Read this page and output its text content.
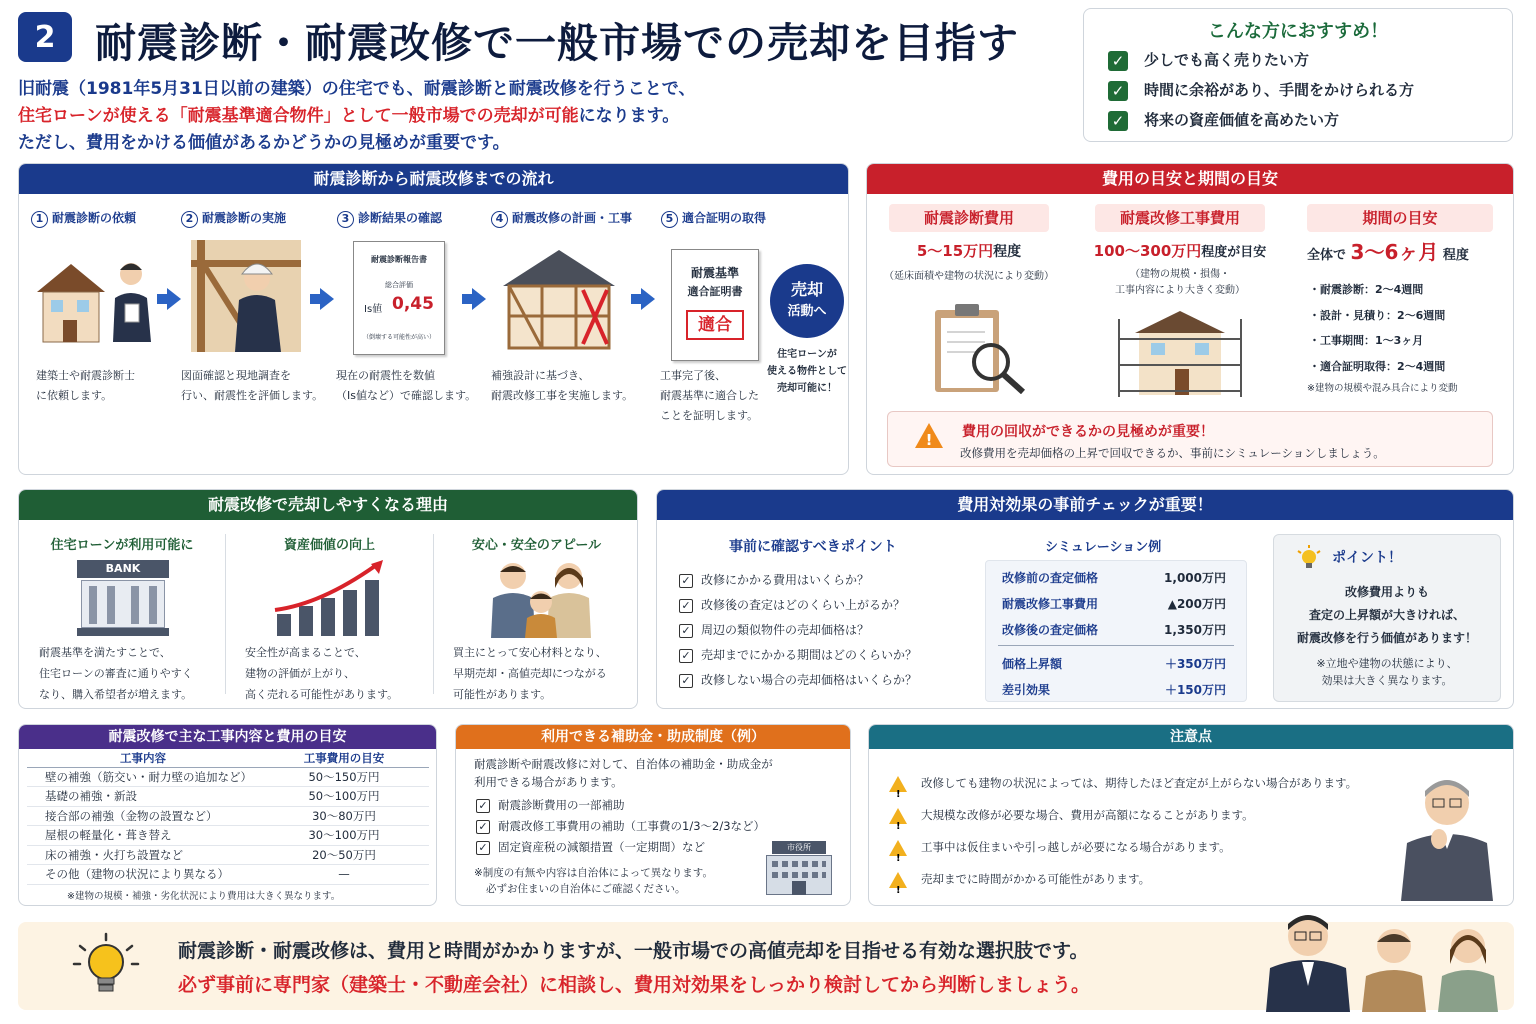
2 耐震診断・耐震改修で一般市場での売却を目指す
旧耐震（1981年5月31日以前の建築）の住宅でも、耐震診断と耐震改修を行うことで、
住宅ローンが使える「耐震基準適合物件」として一般市場での売却が可能になります。
ただし、費用をかける価値があるかどうかの見極めが重要です。
こんな方におすすめ！
✓ 少しでも高く売りたい方
✓ 時間に余裕があり、手間をかけられる方
✓ 将来の資産価値を高めたい方
耐震診断から耐震改修までの流れ
1 耐震診断の依頼	2 耐震診断の実施	3 診断結果の確認	4 耐震改修の計画・工事	5 適合証明の取得
耐震診断報告書
総合評価
Is値 0,45
（倒壊する可能性が高い）
耐震基準
適合証明書
適合
売却
活動へ
住宅ローンが
使える物件として
売却可能に！
建築士や耐震診断士
に依頼します。
図面確認と現地調査を
行い、耐震性を評価します。
現在の耐震性を数値
（Is値など）で確認します。
補強設計に基づき、
耐震改修工事を実施します。
工事完了後、
耐震基準に適合した
ことを証明します。
費用の目安と期間の目安
耐震診断費用
5〜15万円程度
（延床面積や建物の状況により変動）
耐震改修工事費用
100〜300万円程度が目安
（建物の規模・損傷・
工事内容により大きく変動）
期間の目安
全体で 3〜6ヶ月 程度
・耐震診断：2〜4週間
・設計・見積り：2〜6週間
・工事期間：1〜3ヶ月
・適合証明取得：2〜4週間
※建物の規模や混み具合により変動
! 費用の回収ができるかの見極めが重要！
改修費用を売却価格の上昇で回収できるか、事前にシミュレーションしましょう。
耐震改修で売却しやすくなる理由
住宅ローンが利用可能に	資産価値の向上	安心・安全のアピール
BANK
耐震基準を満たすことで、
住宅ローンの審査に通りやすく
なり、購入希望者が増えます。
安全性が高まることで、
建物の評価が上がり、
高く売れる可能性があります。
買主にとって安心材料となり、
早期売却・高値売却につながる
可能性があります。
費用対効果の事前チェックが重要！
事前に確認すべきポイント
✓ 改修にかかる費用はいくらか？
✓ 改修後の査定はどのくらい上がるか？
✓ 周辺の類似物件の売却価格は？
✓ 売却までにかかる期間はどのくらいか？
✓ 改修しない場合の売却価格はいくらか？
シミュレーション例
改修前の査定価格	1,000万円
耐震改修工事費用	▲200万円
改修後の査定価格	1,350万円
価格上昇額	＋350万円
差引効果	＋150万円
ポイント！
改修費用よりも
査定の上昇額が大きければ、
耐震改修を行う価値があります！
※立地や建物の状態により、
効果は大きく異なります。
耐震改修で主な工事内容と費用の目安
工事内容	工事費用の目安
壁の補強（筋交い・耐力壁の追加など）	50〜150万円
基礎の補強・新設	50〜100万円
接合部の補強（金物の設置など）	30〜80万円
屋根の軽量化・葺き替え	30〜100万円
床の補強・火打ち設置など	20〜50万円
その他（建物の状況により異なる）	—
※建物の規模・補強・劣化状況により費用は大きく異なります。
利用できる補助金・助成制度（例）
耐震診断や耐震改修に対して、自治体の補助金・助成金が
利用できる場合があります。
✓ 耐震診断費用の一部補助
✓ 耐震改修工事費用の補助（工事費の1/3〜2/3など）
✓ 固定資産税の減額措置（一定期間）など
※制度の有無や内容は自治体によって異なります。
必ずお住まいの自治体にご確認ください。
市役所
注意点
!改修しても建物の状況によっては、期待したほど査定が上がらない場合があります。
!大規模な改修が必要な場合、費用が高額になることがあります。
!工事中は仮住まいや引っ越しが必要になる場合があります。
!売却までに時間がかかる可能性があります。
耐震診断・耐震改修は、費用と時間がかかりますが、一般市場での高値売却を目指せる有効な選択肢です。
必ず事前に専門家（建築士・不動産会社）に相談し、費用対効果をしっかり検討してから判断しましょう。
